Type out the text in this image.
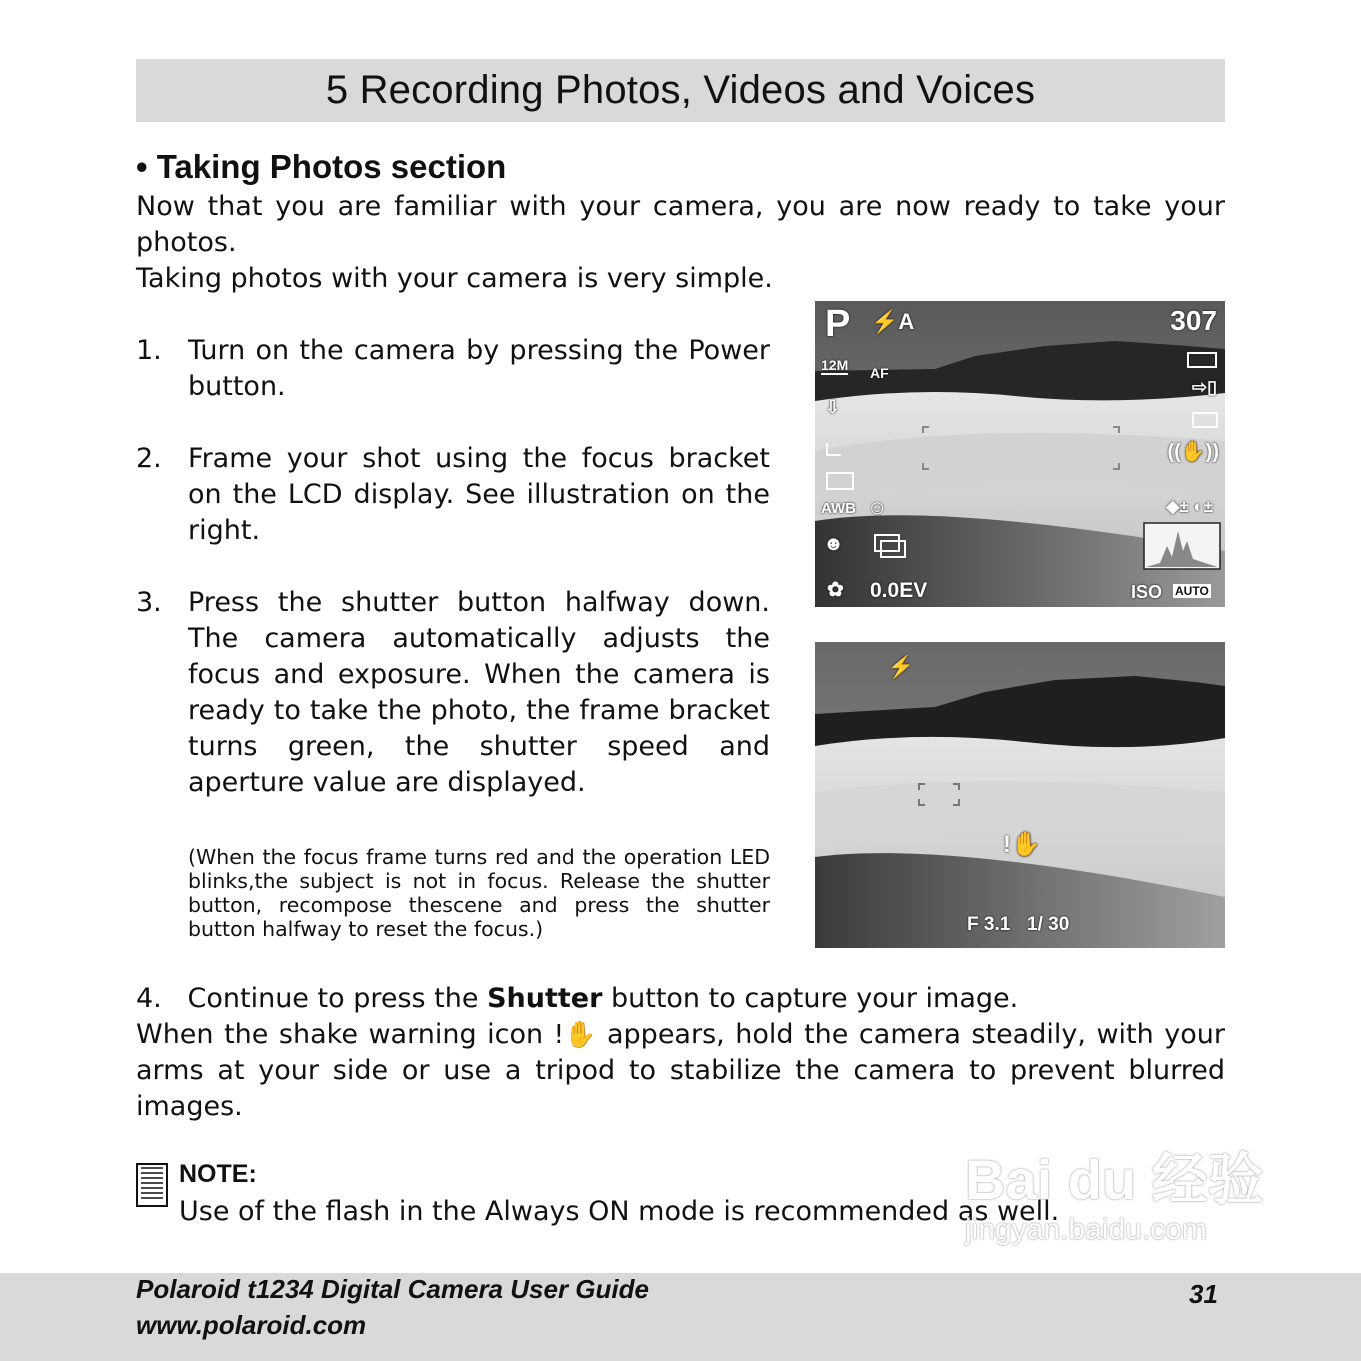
5 Recording Photos, Videos and Voices
• Taking Photos section

Now that you are familiar with your camera, you are now ready to take your photos.

Taking photos with your camera is very simple.

1. Turn on the camera by pressing the Power button.
2. Frame your shot using the focus bracket on the LCD display. See illustration on the right.
3. Press the shutter button halfway down. The camera automatically adjusts the focus and exposure. When the camera is ready to take the photo, the frame bracket turns green, the shutter speed and aperture value are displayed.
(When the focus frame turns red and the operation LED blinks,the subject is not in focus. Release the shutter button, recompose thescene and press the shutter button halfway to reset the focus.)
P ⚡A	307
12M AF
⇨▯
((✋))
⇩
AWB ☺
☻
◆± ◐±
✿ 0.0EV	ISO AUTO
⚡
!✋
F 3.1 1/ 30

4. Continue to press the Shutter button to capture your image.

When the shake warning icon !✋ appears, hold the camera steadily, with your arms at your side or use a tripod to stabilize the camera to prevent blurred images.

NOTE:
Use of the flash in the Always ON mode is recommended as well.
Polaroid t1234 Digital Camera User Guide
www.polaroid.com
31
Bai du 经验
jingyan.baidu.com
